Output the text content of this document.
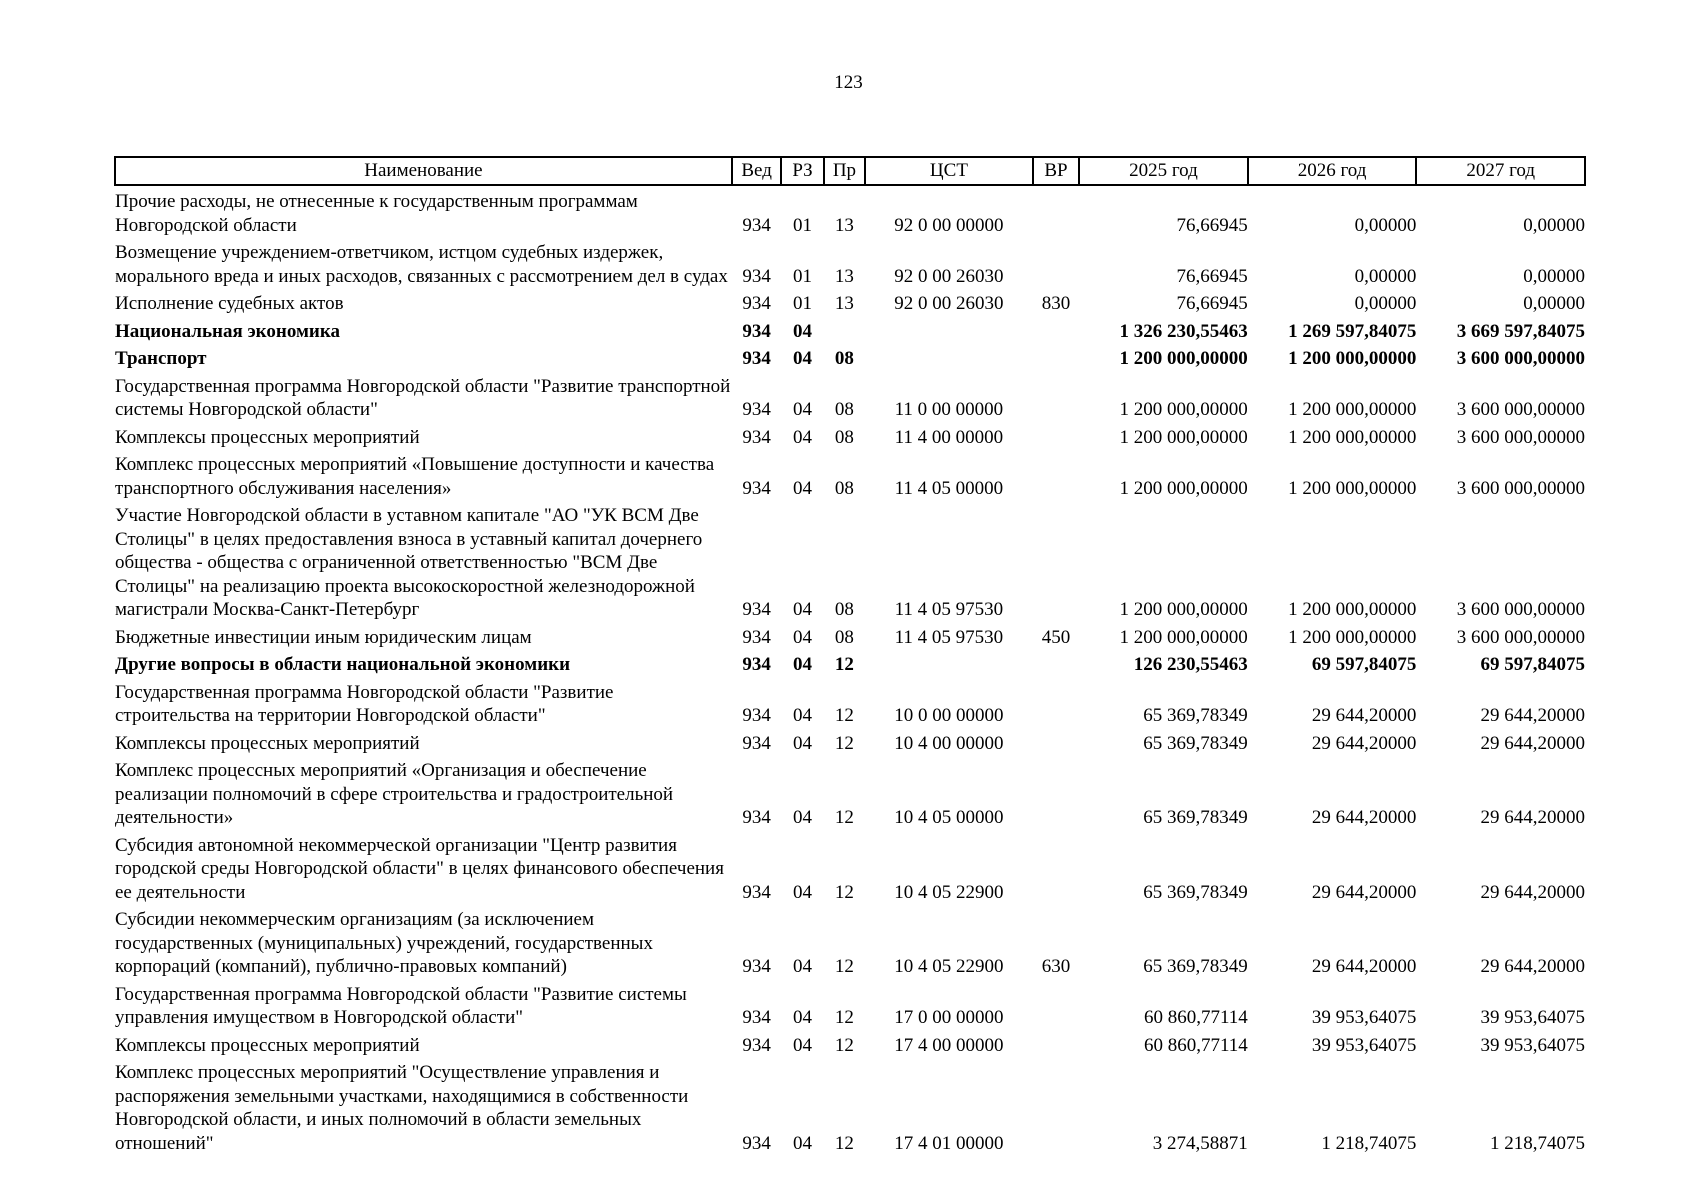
123
Наименование	Вед	РЗ	Пр	ЦСТ	ВР	2025 год	2026 год	2027 год
Прочие расходы, не отнесенные к государственным программам Новгородской области	934	01	13	92 0 00 00000		76,66945	0,00000	0,00000
Возмещение учреждением-ответчиком, истцом судебных издержек, морального вреда и иных расходов, связанных с рассмотрением дел в судах	934	01	13	92 0 00 26030		76,66945	0,00000	0,00000
Исполнение судебных актов	934	01	13	92 0 00 26030	830	76,66945	0,00000	0,00000
Национальная экономика	934	04				1 326 230,55463	1 269 597,84075	3 669 597,84075
Транспорт	934	04	08			1 200 000,00000	1 200 000,00000	3 600 000,00000
Государственная программа Новгородской области "Развитие транспортной системы Новгородской области"	934	04	08	11 0 00 00000		1 200 000,00000	1 200 000,00000	3 600 000,00000
Комплексы процессных мероприятий	934	04	08	11 4 00 00000		1 200 000,00000	1 200 000,00000	3 600 000,00000
Комплекс процессных мероприятий «Повышение доступности и качества транспортного обслуживания населения»	934	04	08	11 4 05 00000		1 200 000,00000	1 200 000,00000	3 600 000,00000
Участие Новгородской области в уставном капитале "АО "УК ВСМ Две Столицы" в целях предоставления взноса в уставный капитал дочернего общества - общества с ограниченной ответственностью "ВСМ Две Столицы" на реализацию проекта высокоскоростной железнодорожной магистрали Москва-Санкт-Петербург	934	04	08	11 4 05 97530		1 200 000,00000	1 200 000,00000	3 600 000,00000
Бюджетные инвестиции иным юридическим лицам	934	04	08	11 4 05 97530	450	1 200 000,00000	1 200 000,00000	3 600 000,00000
Другие вопросы в области национальной экономики	934	04	12			126 230,55463	69 597,84075	69 597,84075
Государственная программа Новгородской области "Развитие строительства на территории Новгородской области"	934	04	12	10 0 00 00000		65 369,78349	29 644,20000	29 644,20000
Комплексы процессных мероприятий	934	04	12	10 4 00 00000		65 369,78349	29 644,20000	29 644,20000
Комплекс процессных мероприятий «Организация и обеспечение реализации полномочий в сфере строительства и градостроительной деятельности»	934	04	12	10 4 05 00000		65 369,78349	29 644,20000	29 644,20000
Субсидия автономной некоммерческой организации "Центр развития городской среды Новгородской области" в целях финансового обеспечения ее деятельности	934	04	12	10 4 05 22900		65 369,78349	29 644,20000	29 644,20000
Субсидии некоммерческим организациям (за исключением государственных (муниципальных) учреждений, государственных корпораций (компаний), публично-правовых компаний)	934	04	12	10 4 05 22900	630	65 369,78349	29 644,20000	29 644,20000
Государственная программа Новгородской области "Развитие системы управления имуществом в Новгородской области"	934	04	12	17 0 00 00000		60 860,77114	39 953,64075	39 953,64075
Комплексы процессных мероприятий	934	04	12	17 4 00 00000		60 860,77114	39 953,64075	39 953,64075
Комплекс процессных мероприятий "Осуществление управления и распоряжения земельными участками, находящимися в собственности Новгородской области, и иных полномочий в области земельных отношений"	934	04	12	17 4 01 00000		3 274,58871	1 218,74075	1 218,74075
